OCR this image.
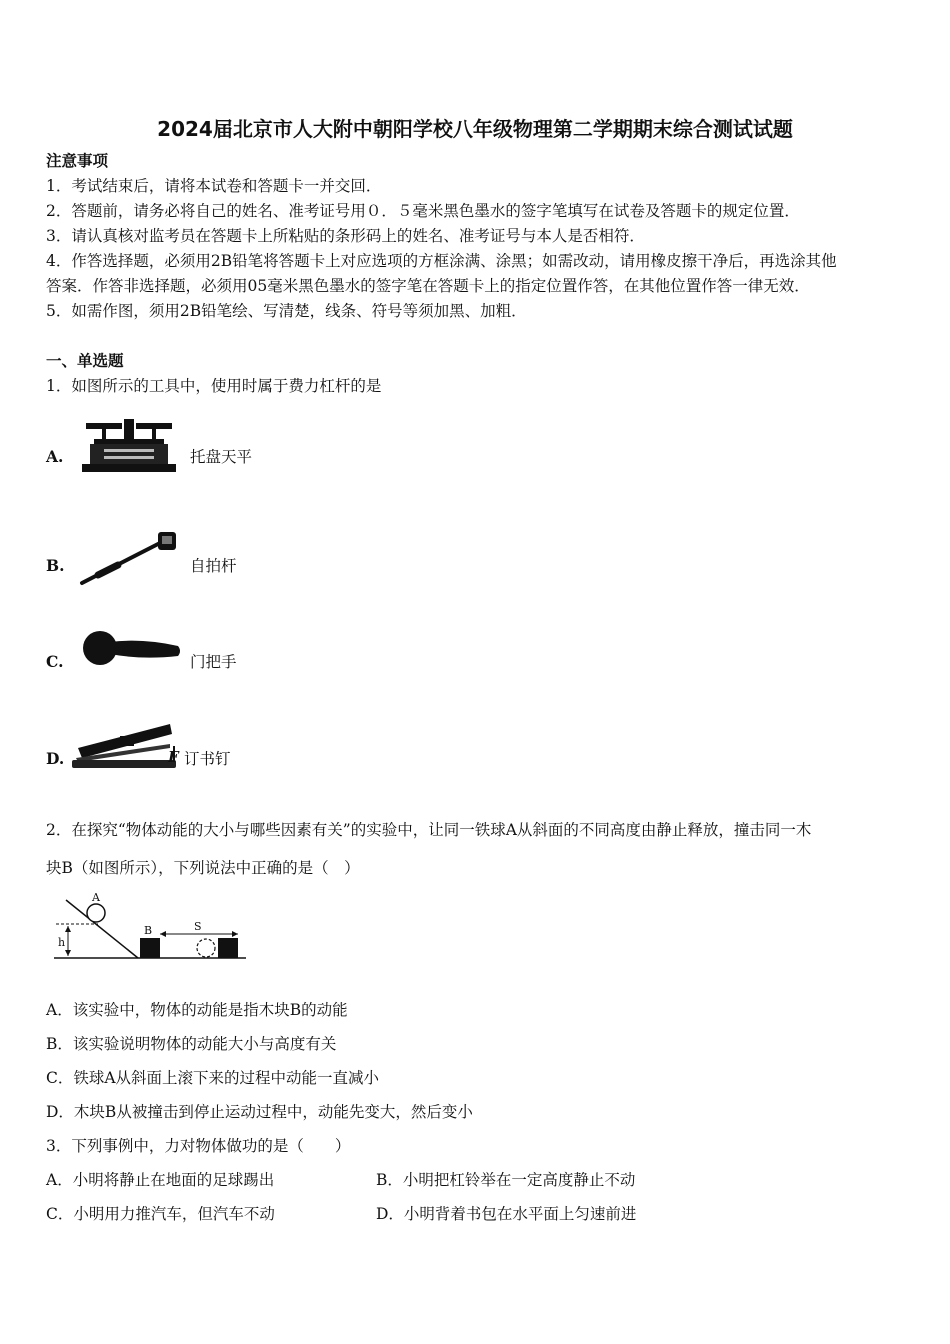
2024届北京市人大附中朝阳学校八年级物理第二学期期末综合测试试题
注意事项
1．考试结束后，请将本试卷和答题卡一并交回．
2．答题前，请务必将自己的姓名、准考证号用０．５毫米黑色墨水的签字笔填写在试卷及答题卡的规定位置．
3．请认真核对监考员在答题卡上所粘贴的条形码上的姓名、准考证号与本人是否相符．
4．作答选择题，必须用2B铅笔将答题卡上对应选项的方框涂满、涂黑；如需改动，请用橡皮擦干净后，再选涂其他
答案．作答非选择题，必须用05毫米黑色墨水的签字笔在答题卡上的指定位置作答，在其他位置作答一律无效．
5．如需作图，须用2B铅笔绘、写清楚，线条、符号等须加黑、加粗．
一、单选题
1．如图所示的工具中，使用时属于费力杠杆的是
A.	托盘天平
B.	自拍杆
C.	门把手
D.	F 订书钉
2．在探究“物体动能的大小与哪些因素有关”的实验中，让同一铁球A从斜面的不同高度由静止释放，撞击同一木
块B（如图所示），下列说法中正确的是（　）
h
A
B	S
A．该实验中，物体的动能是指木块B的动能
B．该实验说明物体的动能大小与高度有关
C．铁球A从斜面上滚下来的过程中动能一直减小
D．木块B从被撞击到停止运动过程中，动能先变大，然后变小
3．下列事例中，力对物体做功的是（　　）
A．小明将静止在地面的足球踢出	B．小明把杠铃举在一定高度静止不动
C．小明用力推汽车，但汽车不动	D．小明背着书包在水平面上匀速前进
